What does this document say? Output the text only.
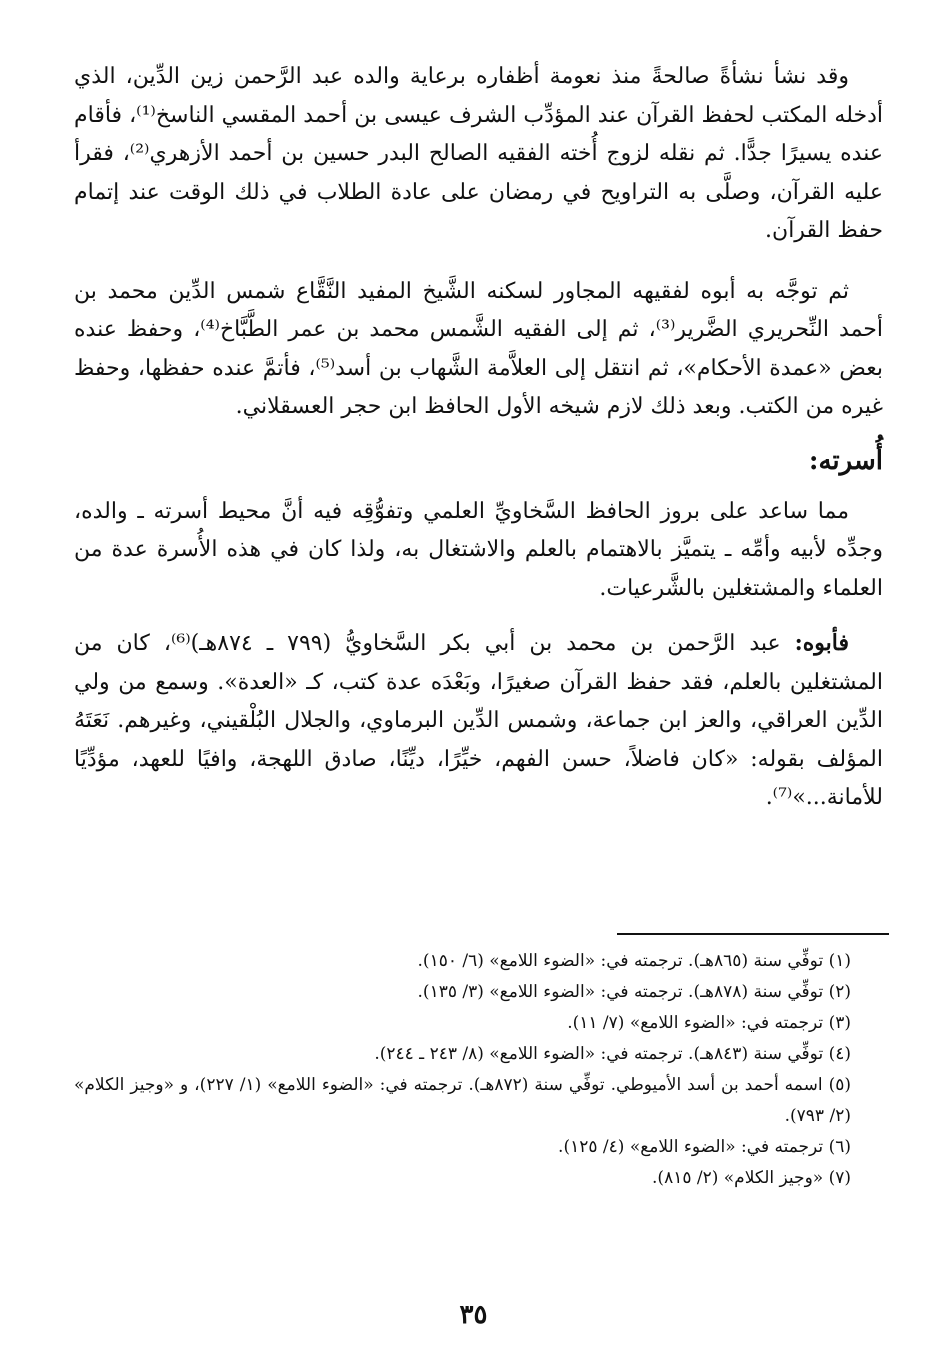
وقد نشأ نشأةً صالحةً منذ نعومة أظفاره برعاية والده عبد الرَّحمن زين الدِّين، الذي أدخله المكتب لحفظ القرآن عند المؤدِّب الشرف عيسى بن أحمد المقسي الناسخ⁽¹⁾، فأقام عنده يسيرًا جدًّا. ثم نقله لزوج أُخته الفقيه الصالح البدر حسين بن أحمد الأزهري⁽²⁾، فقرأ عليه القرآن، وصلَّى به التراويح في رمضان على عادة الطلاب في ذلك الوقت عند إتمام حفظ القرآن.

ثم توجَّه به أبوه لفقيهه المجاور لسكنه الشَّيخ المفيد النَّقَّاع شمس الدِّين محمد بن أحمد النِّحريري الضَّرير⁽³⁾، ثم إلى الفقيه الشَّمس محمد بن عمر الطَّبَّاخ⁽⁴⁾، وحفظ عنده بعض «عمدة الأحكام»، ثم انتقل إلى العلاَّمة الشَّهاب بن أسد⁽⁵⁾، فأتمَّ عنده حفظها، وحفظ غيره من الكتب. وبعد ذلك لازم شيخه الأول الحافظ ابن حجر العسقلاني.

أُسرته:

مما ساعد على بروز الحافظ السَّخاويِّ العلمي وتفوُّقِه فيه أنَّ محيط أسرته ـ والده، وجدِّه لأبيه وأمِّه ـ يتميَّز بالاهتمام بالعلم والاشتغال به، ولذا كان في هذه الأُسرة عدة من العلماء والمشتغلين بالشَّرعيات.

فأبوه: عبد الرَّحمن بن محمد بن أبي بكر السَّخاويُّ (٧٩٩ ـ ٨٧٤هـ)⁽⁶⁾، كان من المشتغلين بالعلم، فقد حفظ القرآن صغيرًا، وبَعْدَه عدة كتب، كـ «العدة». وسمع من ولي الدِّين العراقي، والعز ابن جماعة، وشمس الدِّين البرماوي، والجلال البُلْقيني، وغيرهم. نَعَتَهُ المؤلف بقوله: «كان فاضلاً، حسن الفهم، خيِّرًا، ديِّنًا، صادق اللهجة، وافيًا للعهد، مؤدِّيًا للأمانة...»⁽⁷⁾.

(١) توفِّي سنة (٨٦٥هـ). ترجمته في: «الضوء اللامع» (٦/ ١٥٠).
(٢) توفِّي سنة (٨٧٨هـ). ترجمته في: «الضوء اللامع» (٣/ ١٣٥).
(٣) ترجمته في: «الضوء اللامع» (٧/ ١١).
(٤) توفِّي سنة (٨٤٣هـ). ترجمته في: «الضوء اللامع» (٨/ ٢٤٣ ـ ٢٤٤).
(٥) اسمه أحمد بن أسد الأميوطي. توفِّي سنة (٨٧٢هـ). ترجمته في: «الضوء اللامع» (١/ ٢٢٧)، و «وجيز الكلام» (٢/ ٧٩٣).
(٦) ترجمته في: «الضوء اللامع» (٤/ ١٢٥).
(٧) «وجيز الكلام» (٢/ ٨١٥).
٣٥
